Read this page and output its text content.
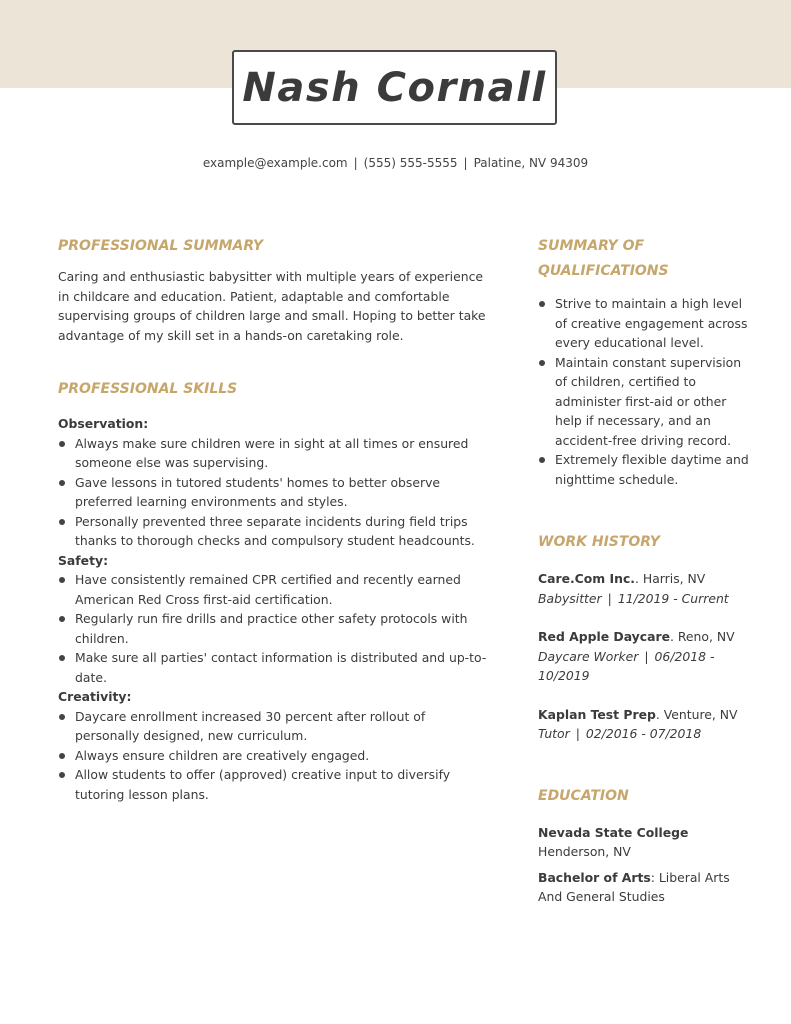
Nash Cornall
example@example.com | (555) 555-5555 | Palatine, NV 94309
PROFESSIONAL SUMMARY

Caring and enthusiastic babysitter with multiple years of experience in childcare and education. Patient, adaptable and comfortable supervising groups of children large and small. Hoping to better take advantage of my skill set in a hands-on caretaking role.

PROFESSIONAL SKILLS

Observation:

Always make sure children were in sight at all times or ensured someone else was supervising.
Gave lessons in tutored students' homes to better observe preferred learning environments and styles.
Personally prevented three separate incidents during field trips thanks to thorough checks and compulsory student headcounts.

Safety:

Have consistently remained CPR certified and recently earned American Red Cross first-aid certification.
Regularly run fire drills and practice other safety protocols with children.
Make sure all parties' contact information is distributed and up-to-date.

Creativity:

Daycare enrollment increased 30 percent after rollout of personally designed, new curriculum.
Always ensure children are creatively engaged.
Allow students to offer (approved) creative input to diversify tutoring lesson plans.
SUMMARY OF
QUALIFICATIONS
Strive to maintain a high level of creative engagement across every educational level.
Maintain constant supervision of children, certified to administer first-aid or other help if necessary, and an accident-free driving record.
Extremely flexible daytime and nighttime schedule.
WORK HISTORY

Care.Com Inc.. Harris, NV

Babysitter | 11/2019 - Current

Red Apple Daycare. Reno, NV

Daycare Worker | 06/2018 - 10/2019

Kaplan Test Prep. Venture, NV

Tutor | 02/2016 - 07/2018

EDUCATION

Nevada State College

Henderson, NV

Bachelor of Arts: Liberal Arts And General Studies
